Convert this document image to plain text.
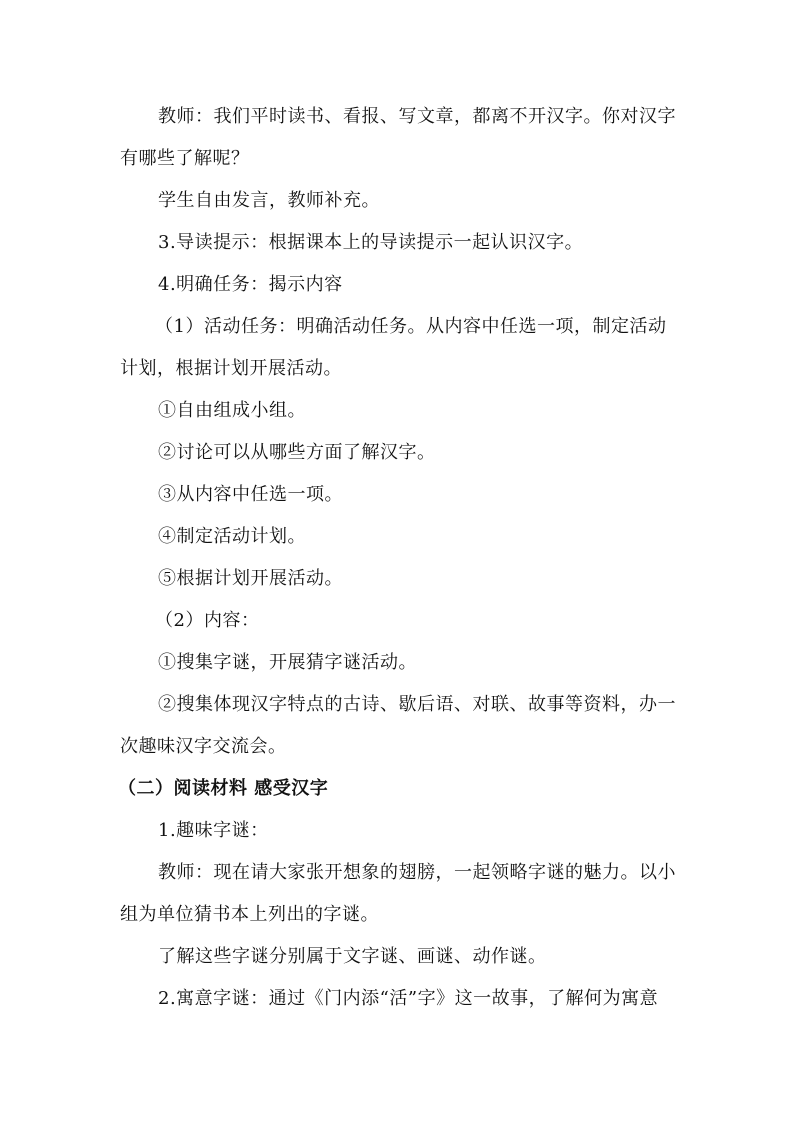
教师：我们平时读书、看报、写文章，都离不开汉字。你对汉字
有哪些了解呢？
学生自由发言，教师补充。
3.导读提示：根据课本上的导读提示一起认识汉字。
4.明确任务：揭示内容
（1）活动任务：明确活动任务。从内容中任选一项，制定活动
计划，根据计划开展活动。
①自由组成小组。
②讨论可以从哪些方面了解汉字。
③从内容中任选一项。
④制定活动计划。
⑤根据计划开展活动。
（2）内容：
①搜集字谜，开展猜字谜活动。
②搜集体现汉字特点的古诗、歇后语、对联、故事等资料，办一
次趣味汉字交流会。
（二）阅读材料 感受汉字
1.趣味字谜：
教师：现在请大家张开想象的翅膀，一起领略字谜的魅力。以小
组为单位猜书本上列出的字谜。
了解这些字谜分别属于文字谜、画谜、动作谜。
2.寓意字谜：通过《门内添“活”字》这一故事，了解何为寓意
